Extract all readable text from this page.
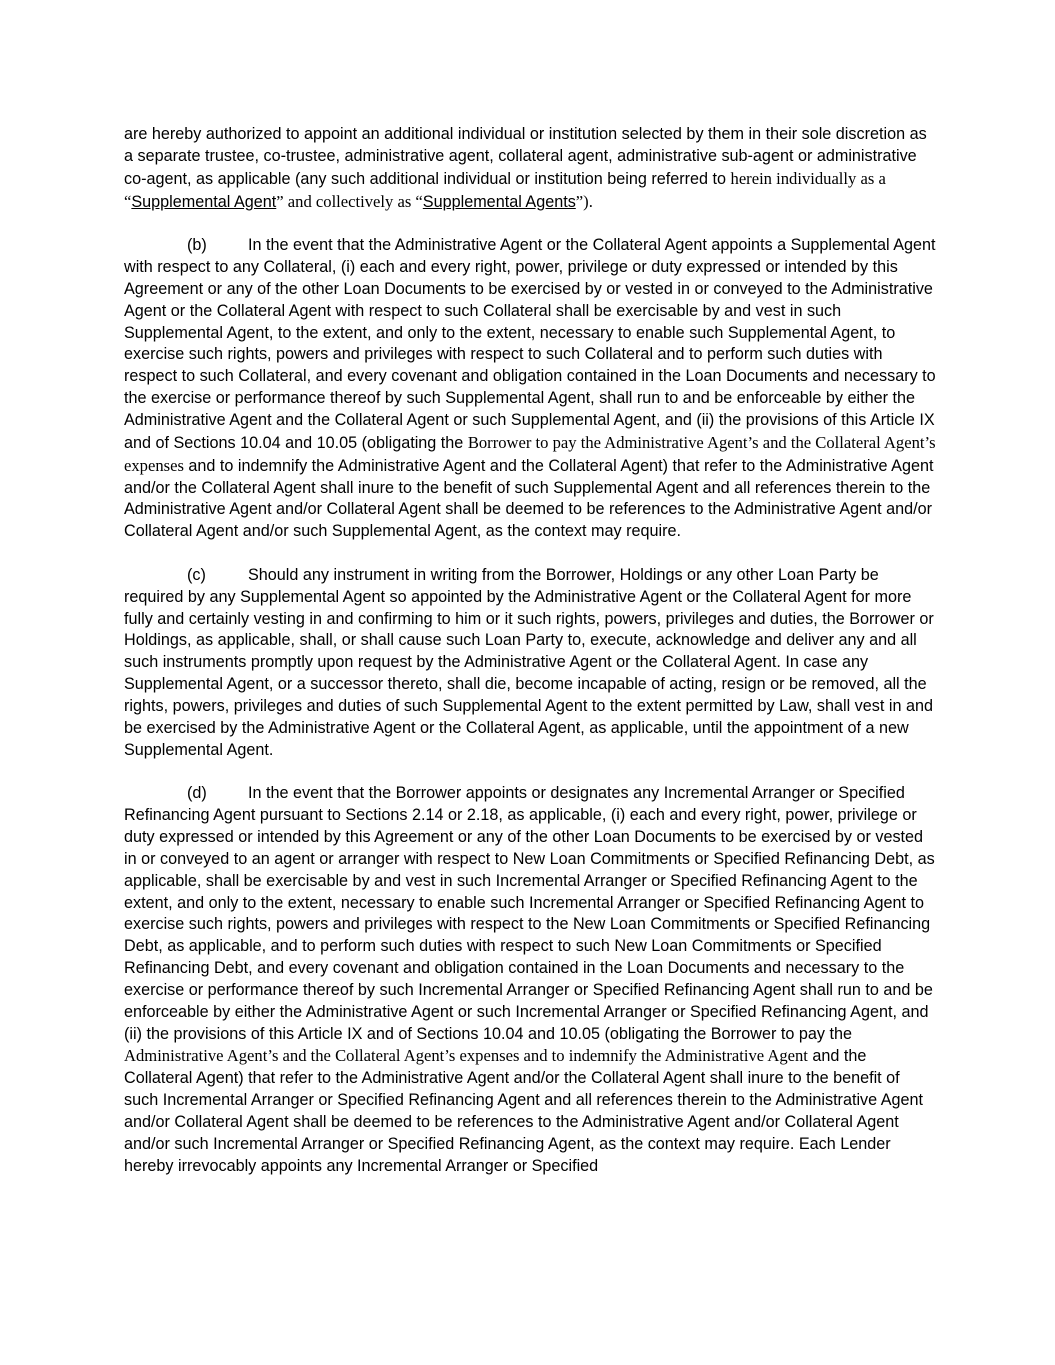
are hereby authorized to appoint an additional individual or institution selected by them in their sole discretion as a separate trustee, co-trustee, administrative agent, collateral agent, administrative sub-agent or administrative co-agent, as applicable (any such additional individual or institution being referred to herein individually as a “Supplemental Agent” and collectively as “Supplemental Agents”).

(b)	In the event that the Administrative Agent or the Collateral Agent appoints a Supplemental Agent with respect to any Collateral, (i) each and every right, power, privilege or duty expressed or intended by this Agreement or any of the other Loan Documents to be exercised by or vested in or conveyed to the Administrative Agent or the Collateral Agent with respect to such Collateral shall be exercisable by and vest in such Supplemental Agent, to the extent, and only to the extent, necessary to enable such Supplemental Agent, to exercise such rights, powers and privileges with respect to such Collateral and to perform such duties with respect to such Collateral, and every covenant and obligation contained in the Loan Documents and necessary to the exercise or performance thereof by such Supplemental Agent, shall run to and be enforceable by either the Administrative Agent and the Collateral Agent or such Supplemental Agent, and (ii) the provisions of this Article IX and of Sections 10.04 and 10.05 (obligating the Borrower to pay the Administrative Agent’s and the Collateral Agent’s expenses and to indemnify the Administrative Agent and the Collateral Agent) that refer to the Administrative Agent and/or the Collateral Agent shall inure to the benefit of such Supplemental Agent and all references therein to the Administrative Agent and/or Collateral Agent shall be deemed to be references to the Administrative Agent and/or Collateral Agent and/or such Supplemental Agent, as the context may require.

(c)	Should any instrument in writing from the Borrower, Holdings or any other Loan Party be required by any Supplemental Agent so appointed by the Administrative Agent or the Collateral Agent for more fully and certainly vesting in and confirming to him or it such rights, powers, privileges and duties, the Borrower or Holdings, as applicable, shall, or shall cause such Loan Party to, execute, acknowledge and deliver any and all such instruments promptly upon request by the Administrative Agent or the Collateral Agent. In case any Supplemental Agent, or a successor thereto, shall die, become incapable of acting, resign or be removed, all the rights, powers, privileges and duties of such Supplemental Agent to the extent permitted by Law, shall vest in and be exercised by the Administrative Agent or the Collateral Agent, as applicable, until the appointment of a new Supplemental Agent.

(d)	In the event that the Borrower appoints or designates any Incremental Arranger or Specified Refinancing Agent pursuant to Sections 2.14 or 2.18, as applicable, (i) each and every right, power, privilege or duty expressed or intended by this Agreement or any of the other Loan Documents to be exercised by or vested in or conveyed to an agent or arranger with respect to New Loan Commitments or Specified Refinancing Debt, as applicable, shall be exercisable by and vest in such Incremental Arranger or Specified Refinancing Agent to the extent, and only to the extent, necessary to enable such Incremental Arranger or Specified Refinancing Agent to exercise such rights, powers and privileges with respect to the New Loan Commitments or Specified Refinancing Debt, as applicable, and to perform such duties with respect to such New Loan Commitments or Specified Refinancing Debt, and every covenant and obligation contained in the Loan Documents and necessary to the exercise or performance thereof by such Incremental Arranger or Specified Refinancing Agent shall run to and be enforceable by either the Administrative Agent or such Incremental Arranger or Specified Refinancing Agent, and (ii) the provisions of this Article IX and of Sections 10.04 and 10.05 (obligating the Borrower to pay the Administrative Agent’s and the Collateral Agent’s expenses and to indemnify the Administrative Agent and the Collateral Agent) that refer to the Administrative Agent and/or the Collateral Agent shall inure to the benefit of such Incremental Arranger or Specified Refinancing Agent and all references therein to the Administrative Agent and/or Collateral Agent shall be deemed to be references to the Administrative Agent and/or Collateral Agent and/or such Incremental Arranger or Specified Refinancing Agent, as the context may require. Each Lender hereby irrevocably appoints any Incremental Arranger or Specified
